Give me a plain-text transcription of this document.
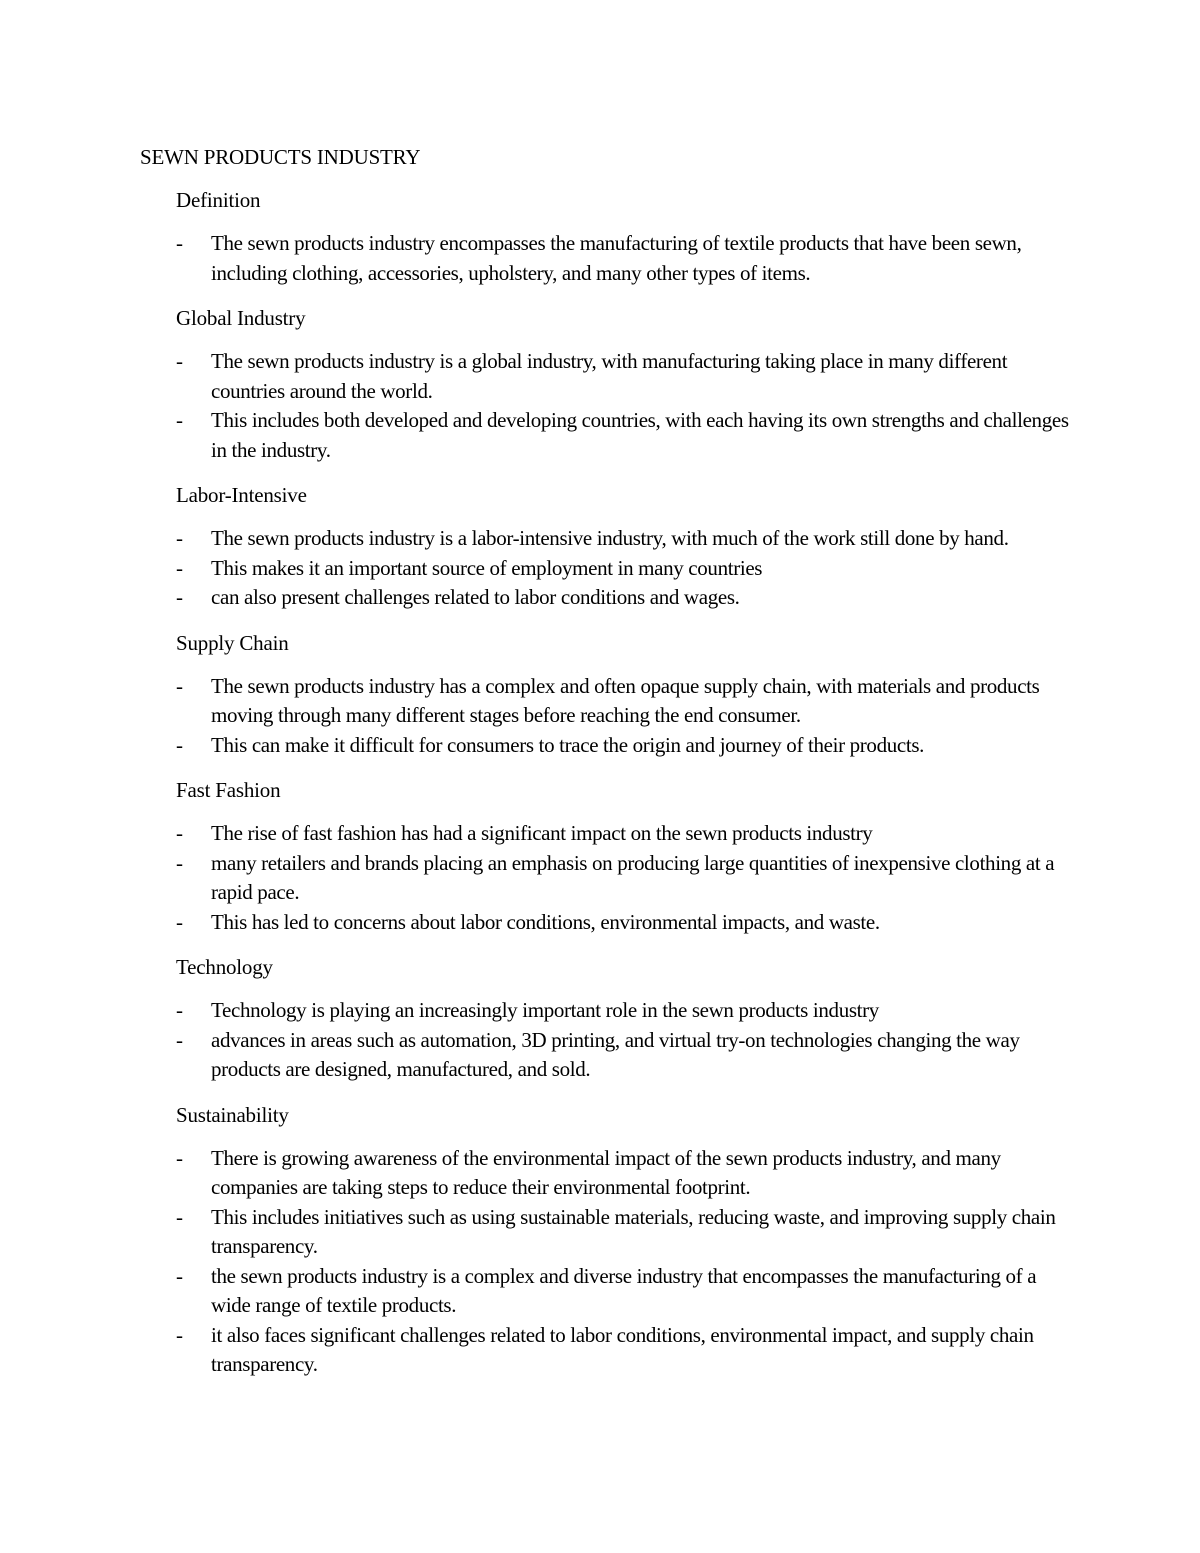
SEWN PRODUCTS INDUSTRY
Definition
- The sewn products industry encompasses the manufacturing of textile products that have been sewn, including clothing, accessories, upholstery, and many other types of items.
Global Industry
- The sewn products industry is a global industry, with manufacturing taking place in many different countries around the world.
- This includes both developed and developing countries, with each having its own strengths and challenges in the industry.
Labor-Intensive
- The sewn products industry is a labor-intensive industry, with much of the work still done by hand.
- This makes it an important source of employment in many countries
- can also present challenges related to labor conditions and wages.
Supply Chain
- The sewn products industry has a complex and often opaque supply chain, with materials and products moving through many different stages before reaching the end consumer.
- This can make it difficult for consumers to trace the origin and journey of their products.
Fast Fashion
- The rise of fast fashion has had a significant impact on the sewn products industry
- many retailers and brands placing an emphasis on producing large quantities of inexpensive clothing at a rapid pace.
- This has led to concerns about labor conditions, environmental impacts, and waste.
Technology
- Technology is playing an increasingly important role in the sewn products industry
- advances in areas such as automation, 3D printing, and virtual try-on technologies changing the way products are designed, manufactured, and sold.
Sustainability
- There is growing awareness of the environmental impact of the sewn products industry, and many companies are taking steps to reduce their environmental footprint.
- This includes initiatives such as using sustainable materials, reducing waste, and improving supply chain transparency.
- the sewn products industry is a complex and diverse industry that encompasses the manufacturing of a wide range of textile products.
- it also faces significant challenges related to labor conditions, environmental impact, and supply chain transparency.
